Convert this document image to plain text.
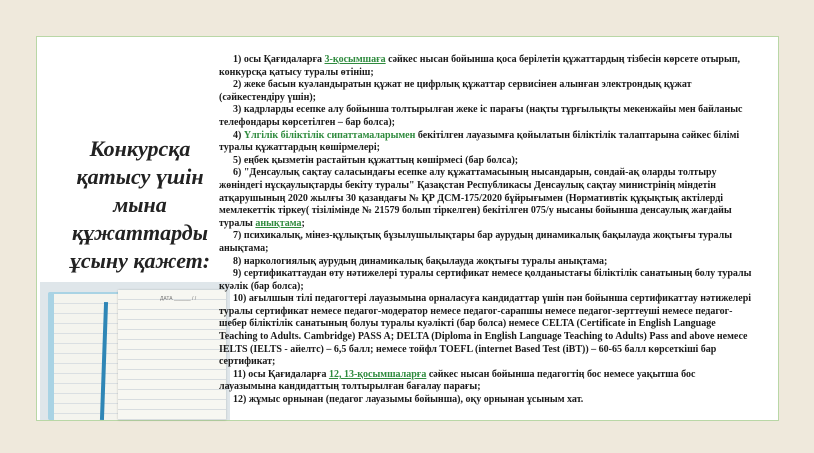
Конкурсқа
қатысу үшін
мына
құжаттарды
ұсыну қажет:
ДАТА ______ / /

1) осы Қағидаларға 3-қосымшаға сәйкес нысан бойынша қоса берілетін құжаттардың тізбесін көрсете отырып, конкурсқа қатысу туралы өтініш;

2) жеке басын куәландыратын құжат не цифрлық құжаттар сервисінен алынған электрондық құжат (сәйкестендіру үшін);

3) кадрларды есепке алу бойынша толтырылған жеке іс парағы (нақты тұрғылықты мекенжайы мен байланыс телефондары көрсетілген – бар болса);

4) Үлгілік біліктілік сипаттамаларымен бекітілген лауазымға қойылатын біліктілік талаптарына сәйкес білімі туралы құжаттардың көшірмелері;

5) еңбек қызметін растайтын құжаттың көшірмесі (бар болса);

6) "Денсаулық сақтау саласындағы есепке алу құжаттамасының нысандарын, сондай-ақ оларды толтыру жөніндегі нұсқаулықтарды бекіту туралы" Қазақстан Республикасы Денсаулық сақтау министрінің міндетін атқарушының 2020 жылғы 30 қазандағы № ҚР ДСМ-175/2020 бұйрығымен (Нормативтік құқықтық актілерді мемлекеттік тіркеу( тізілімінде № 21579 болып тіркелген) бекітілген 075/у нысаны бойынша денсаулық жағдайы туралы анықтама;

7) психикалық, мінез-құлықтық бұзылушылықтары бар аурудың динамикалық бақылауда жоқтығы туралы анықтама;

8) наркологиялық аурудың динамикалық бақылауда жоқтығы туралы анықтама;

9) сертификаттаудан өту нәтижелері туралы сертификат немесе қолданыстағы біліктілік санатының болу туралы куәлік (бар болса);

10) ағылшын тілі педагогтері лауазымына орналасуға кандидаттар үшін пән бойынша сертификаттау нәтижелері туралы сертификат немесе педагог-модератор немесе педагог-сарапшы немесе педагог-зерттеуші немесе педагог-шебер біліктілік санатының болуы туралы куәлікті (бар болса) немесе CELTA (Certificate in English Language Teaching to Adults. Cambridge) PASS A; DELTA (Diploma in English Language Teaching to Adults) Pass and above немесе IELTS (IELTS - айелтс) – 6,5 балл; немесе тойфл TOEFL (internet Based Test (iBT)) – 60-65 балл көрсеткіші бар сертификат;

11) осы Қағидаларға 12, 13-қосымшаларға сәйкес нысан бойынша педагогтің бос немесе уақытша бос лауазымына кандидаттың толтырылған бағалау парағы;

12) жұмыс орнынан (педагог лауазымы бойынша), оқу орнынан ұсыным хат.
